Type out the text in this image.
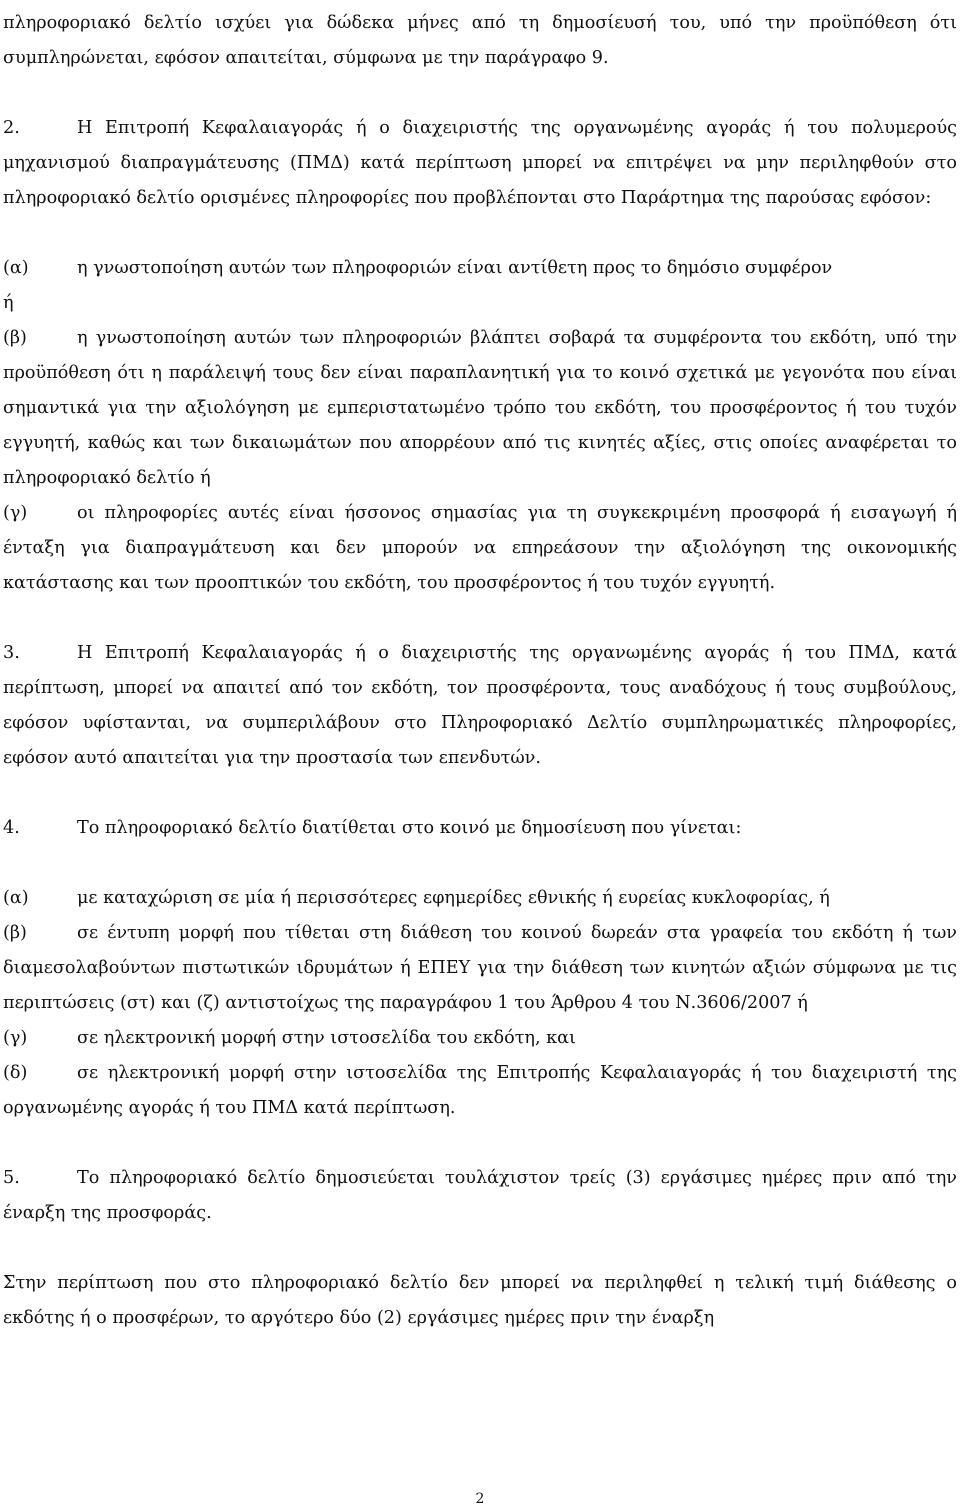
πληροφοριακό δελτίο ισχύει για δώδεκα μήνες από τη δημοσίευσή του, υπό την προϋπόθεση ότι συμπληρώνεται, εφόσον απαιτείται, σύμφωνα με την παράγραφο 9.

2.	Η Επιτροπή Κεφαλαιαγοράς ή ο διαχειριστής της οργανωμένης αγοράς ή του πολυμερούς μηχανισμού διαπραγμάτευσης (ΠΜΔ) κατά περίπτωση μπορεί να επιτρέψει να μην περιληφθούν στο πληροφοριακό δελτίο ορισμένες πληροφορίες που προβλέπονται στο Παράρτημα της παρούσας εφόσον:

(α)	η γνωστοποίηση αυτών των πληροφοριών είναι αντίθετη προς το δημόσιο συμφέρον

ή

(β)	η γνωστοποίηση αυτών των πληροφοριών βλάπτει σοβαρά τα συμφέροντα του εκδότη, υπό την προϋπόθεση ότι η παράλειψή τους δεν είναι παραπλανητική για το κοινό σχετικά με γεγονότα που είναι σημαντικά για την αξιολόγηση με εμπεριστατωμένο τρόπο του εκδότη, του προσφέροντος ή του τυχόν εγγυητή, καθώς και των δικαιωμάτων που απορρέουν από τις κινητές αξίες, στις οποίες αναφέρεται το πληροφοριακό δελτίο ή

(γ)	οι πληροφορίες αυτές είναι ήσσονος σημασίας για τη συγκεκριμένη προσφορά ή εισαγωγή ή ένταξη για διαπραγμάτευση και δεν μπορούν να επηρεάσουν την αξιολόγηση της οικονομικής κατάστασης και των προοπτικών του εκδότη, του προσφέροντος ή του τυχόν εγγυητή.

3.	Η Επιτροπή Κεφαλαιαγοράς ή ο διαχειριστής της οργανωμένης αγοράς ή του ΠΜΔ, κατά περίπτωση, μπορεί να απαιτεί από τον εκδότη, τον προσφέροντα, τους αναδόχους ή τους συμβούλους, εφόσον υφίστανται, να συμπεριλάβουν στο Πληροφοριακό Δελτίο συμπληρωματικές πληροφορίες, εφόσον αυτό απαιτείται για την προστασία των επενδυτών.

4.	Το πληροφοριακό δελτίο διατίθεται στο κοινό με δημοσίευση που γίνεται:

(α)	με καταχώριση σε μία ή περισσότερες εφημερίδες εθνικής ή ευρείας κυκλοφορίας, ή

(β)	σε έντυπη μορφή που τίθεται στη διάθεση του κοινού δωρεάν στα γραφεία του εκδότη ή των διαμεσολαβούντων πιστωτικών ιδρυμάτων ή ΕΠΕΥ για την διάθεση των κινητών αξιών σύμφωνα με τις περιπτώσεις (στ) και (ζ) αντιστοίχως της παραγράφου 1 του Άρθρου 4 του Ν.3606/2007 ή

(γ)	σε ηλεκτρονική μορφή στην ιστοσελίδα του εκδότη, και

(δ)	σε ηλεκτρονική μορφή στην ιστοσελίδα της Επιτροπής Κεφαλαιαγοράς ή του διαχειριστή της οργανωμένης αγοράς ή του ΠΜΔ κατά περίπτωση.

5.	Το πληροφοριακό δελτίο δημοσιεύεται τουλάχιστον τρείς (3) εργάσιμες ημέρες πριν από την έναρξη της προσφοράς.

Στην περίπτωση που στο πληροφοριακό δελτίο δεν μπορεί να περιληφθεί η τελική τιμή διάθεσης ο εκδότης ή ο προσφέρων, το αργότερο δύο (2) εργάσιμες ημέρες πριν την έναρξη

2
